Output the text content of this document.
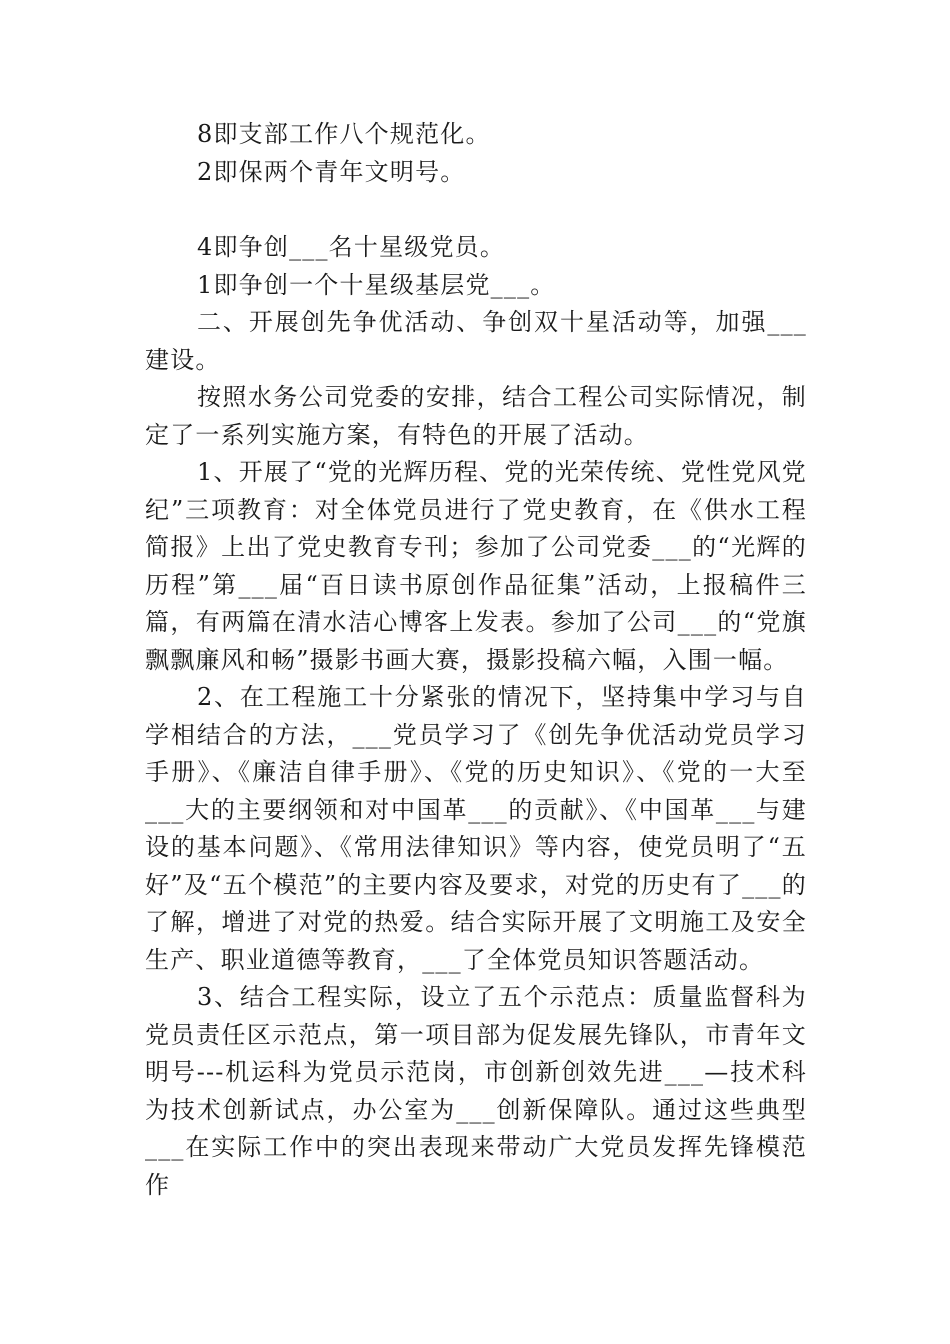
8即支部工作八个规范化。

2即保两个青年文明号。

4即争创___名十星级党员。

1即争创一个十星级基层党___。

二、开展创先争优活动、争创双十星活动等，加强___建设。

按照水务公司党委的安排，结合工程公司实际情况，制定了一系列实施方案，有特色的开展了活动。

1、开展了“党的光辉历程、党的光荣传统、党性党风党纪”三项教育：对全体党员进行了党史教育，在《供水工程简报》上出了党史教育专刊；参加了公司党委___的“光辉的历程”第___届“百日读书原创作品征集”活动，上报稿件三篇，有两篇在清水洁心博客上发表。参加了公司___的“党旗飘飘廉风和畅”摄影书画大赛，摄影投稿六幅，入围一幅。

2、在工程施工十分紧张的情况下，坚持集中学习与自学相结合的方法，___党员学习了《创先争优活动党员学习手册》、《廉洁自律手册》、《党的历史知识》、《党的一大至___大的主要纲领和对中国革___的贡献》、《中国革___与建设的基本问题》、《常用法律知识》等内容，使党员明了“五好”及“五个模范”的主要内容及要求，对党的历史有了___的了解，增进了对党的热爱。结合实际开展了文明施工及安全生产、职业道德等教育，___了全体党员知识答题活动。

3、结合工程实际，设立了五个示范点：质量监督科为党员责任区示范点，第一项目部为促发展先锋队，市青年文明号---机运科为党员示范岗，市创新创效先进___—技术科为技术创新试点，办公室为___创新保障队。通过这些典型___在实际工作中的突出表现来带动广大党员发挥先锋模范作
